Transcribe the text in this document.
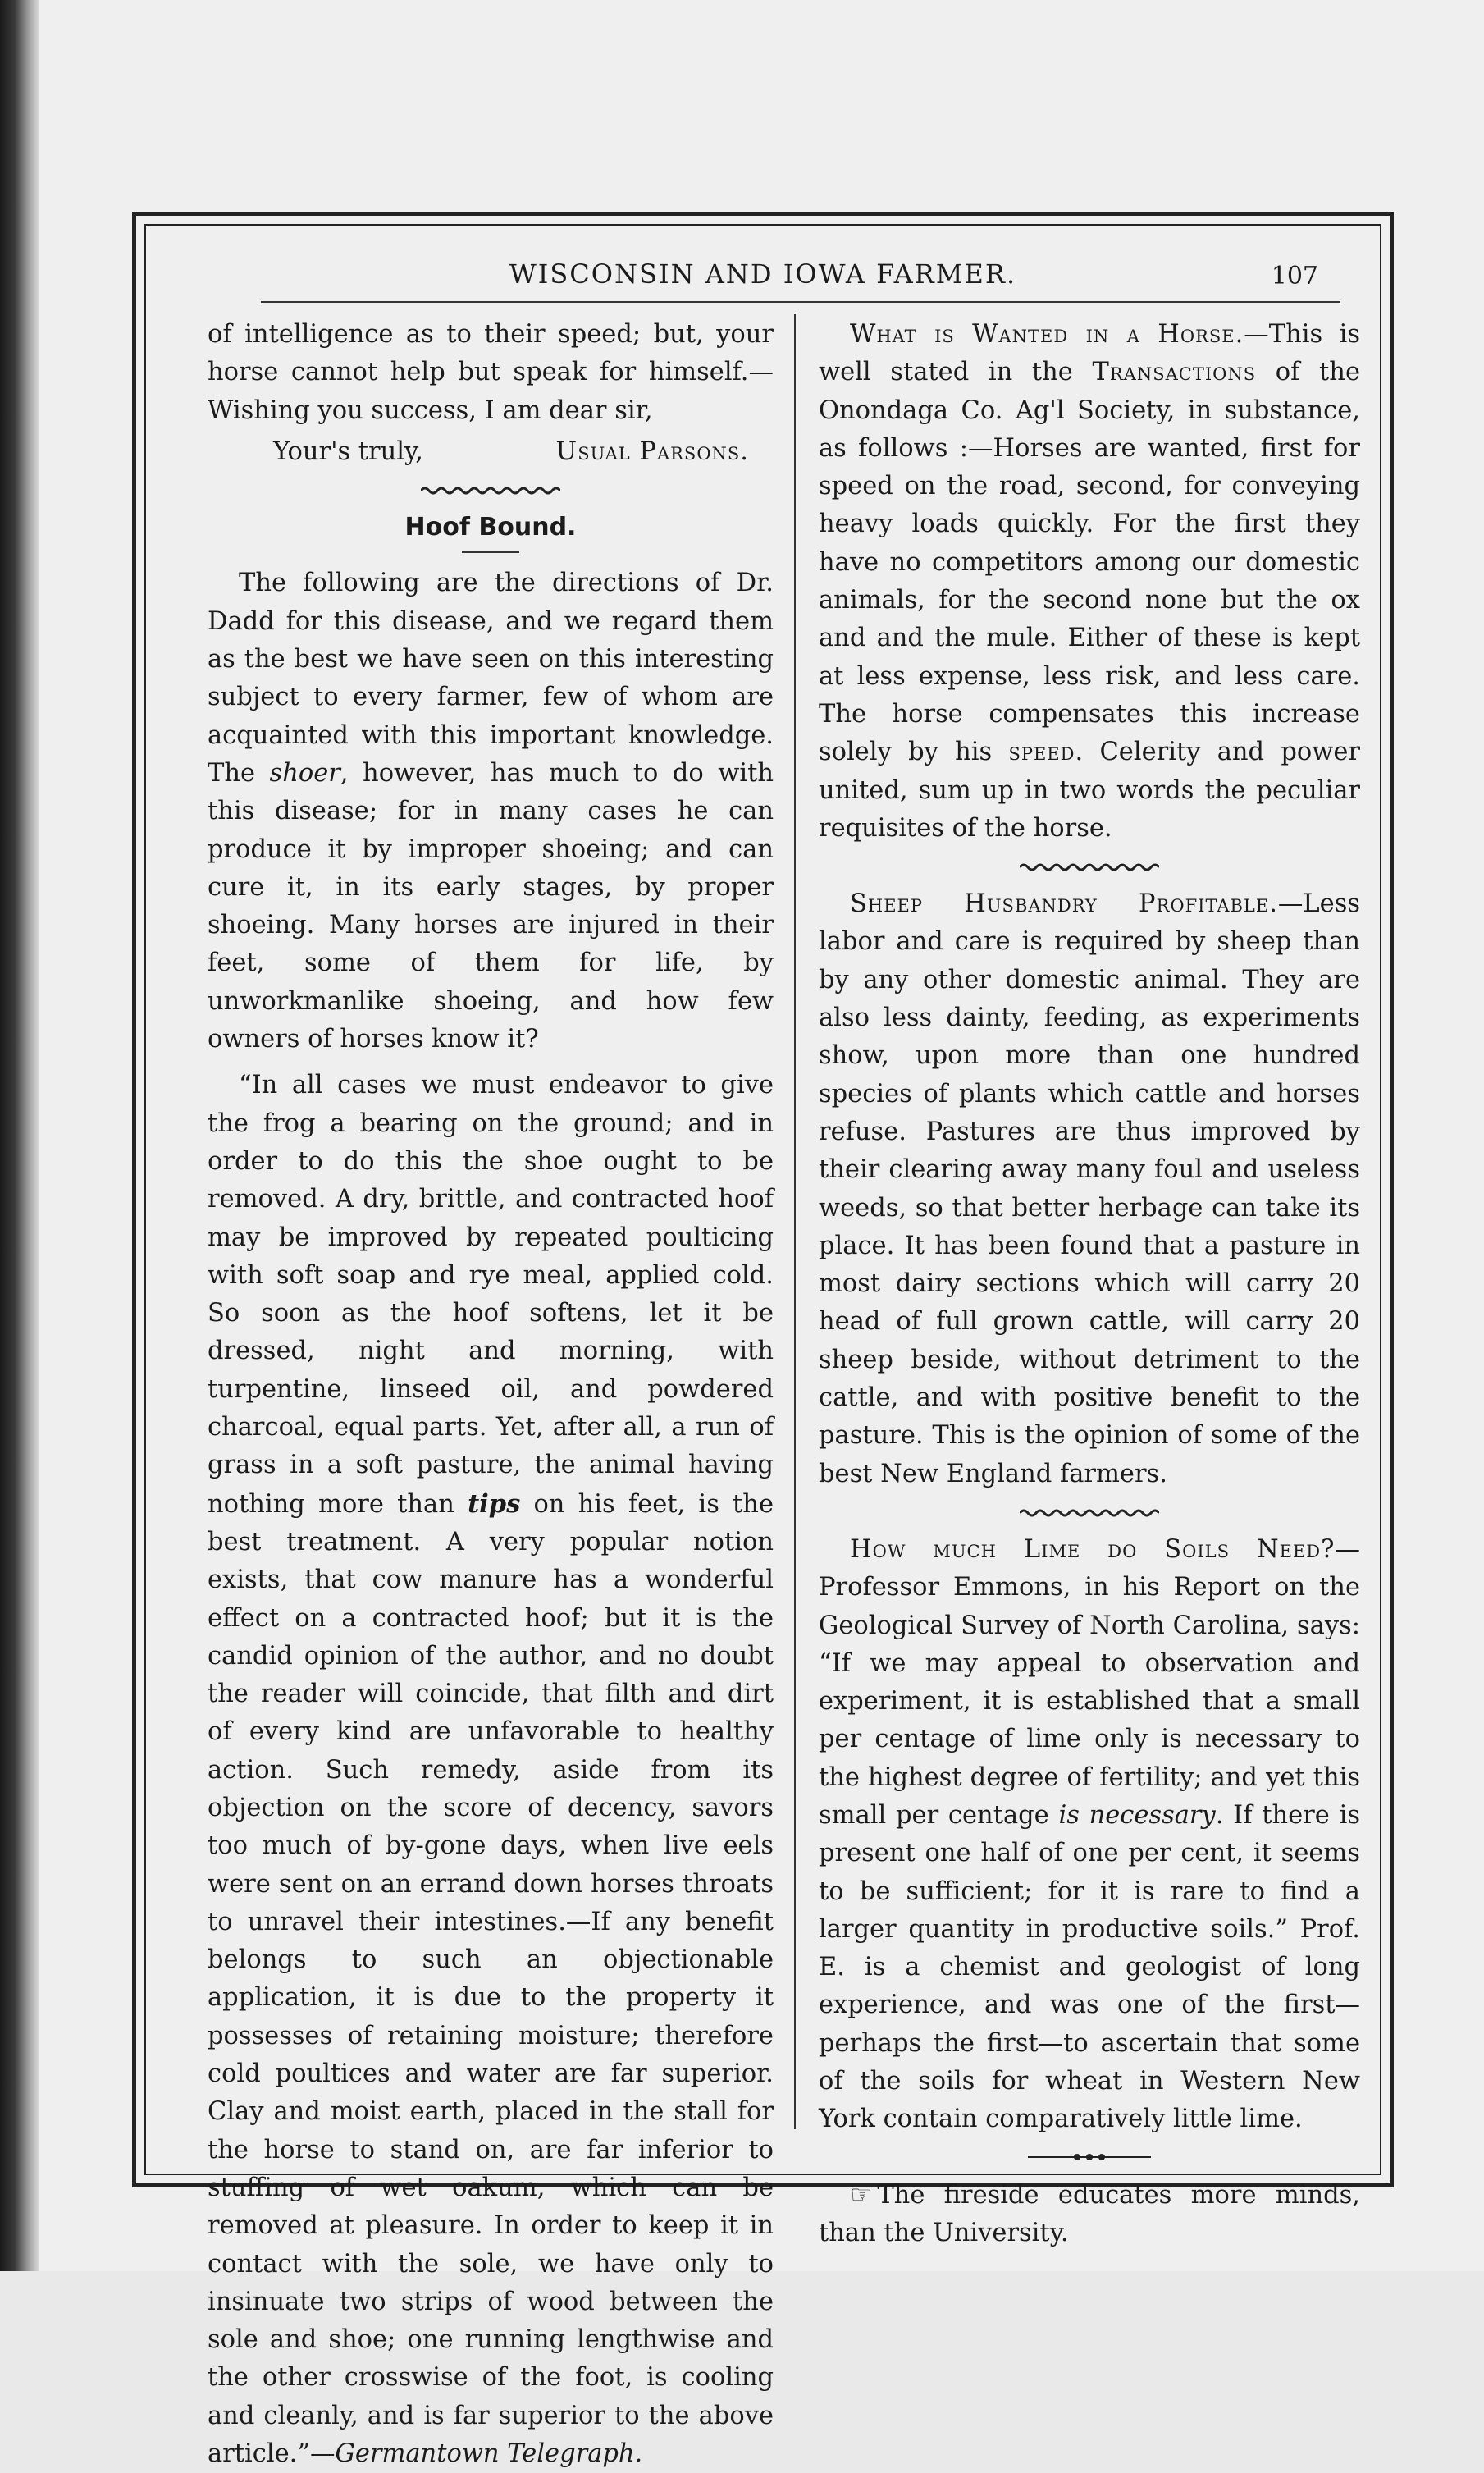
WISCONSIN AND IOWA FARMER.	107

of intelligence as to their speed; but, your horse cannot help but speak for himself.—Wishing you success, I am dear sir,

Your's truly,	Usual Parsons.
Hoof Bound.

The following are the directions of Dr. Dadd for this disease, and we regard them as the best we have seen on this interesting subject to every farmer, few of whom are acquainted with this important knowledge. The shoer, however, has much to do with this disease; for in many cases he can produce it by improper shoeing; and can cure it, in its early stages, by proper shoeing. Many horses are injured in their feet, some of them for life, by unworkmanlike shoeing, and how few owners of horses know it?

“In all cases we must endeavor to give the frog a bearing on the ground; and in order to do this the shoe ought to be removed. A dry, brittle, and contracted hoof may be improved by repeated poulticing with soft soap and rye meal, applied cold. So soon as the hoof softens, let it be dressed, night and morning, with turpentine, linseed oil, and powdered charcoal, equal parts. Yet, after all, a run of grass in a soft pasture, the animal having nothing more than tips on his feet, is the best treatment. A very popular notion exists, that cow manure has a wonderful effect on a contracted hoof; but it is the candid opinion of the author, and no doubt the reader will coincide, that filth and dirt of every kind are unfavorable to healthy action. Such remedy, aside from its objection on the score of decency, savors too much of by-gone days, when live eels were sent on an errand down horses throats to unravel their intestines.—If any benefit belongs to such an objectionable application, it is due to the property it possesses of retaining moisture; therefore cold poultices and water are far superior. Clay and moist earth, placed in the stall for the horse to stand on, are far inferior to stuffing of wet oakum, which can be removed at pleasure. In order to keep it in contact with the sole, we have only to insinuate two strips of wood between the sole and shoe; one running lengthwise and the other crosswise of the foot, is cooling and cleanly, and is far superior to the above article.”—Germantown Telegraph.

What is Wanted in a Horse.—This is well stated in the Transactions of the Onondaga Co. Ag'l Society, in substance, as follows :—Horses are wanted, first for speed on the road, second, for conveying heavy loads quickly. For the first they have no competitors among our domestic animals, for the second none but the ox and and the mule. Either of these is kept at less expense, less risk, and less care. The horse compensates this increase solely by his speed. Celerity and power united, sum up in two words the peculiar requisites of the horse.

Sheep Husbandry Profitable.—Less labor and care is required by sheep than by any other domestic animal. They are also less dainty, feeding, as experiments show, upon more than one hundred species of plants which cattle and horses refuse. Pastures are thus improved by their clearing away many foul and useless weeds, so that better herbage can take its place. It has been found that a pasture in most dairy sections which will carry 20 head of full grown cattle, will carry 20 sheep beside, without detriment to the cattle, and with positive benefit to the pasture. This is the opinion of some of the best New England farmers.

How much Lime do Soils Need?—Professor Emmons, in his Report on the Geological Survey of North Carolina, says: “If we may appeal to observation and experiment, it is established that a small per centage of lime only is necessary to the highest degree of fertility; and yet this small per centage is necessary. If there is present one half of one per cent, it seems to be sufficient; for it is rare to find a larger quantity in productive soils.” Prof. E. is a chemist and geologist of long experience, and was one of the first—perhaps the first—to ascertain that some of the soils for wheat in Western New York contain comparatively little lime.

☞ The fireside educates more minds, than the University.
